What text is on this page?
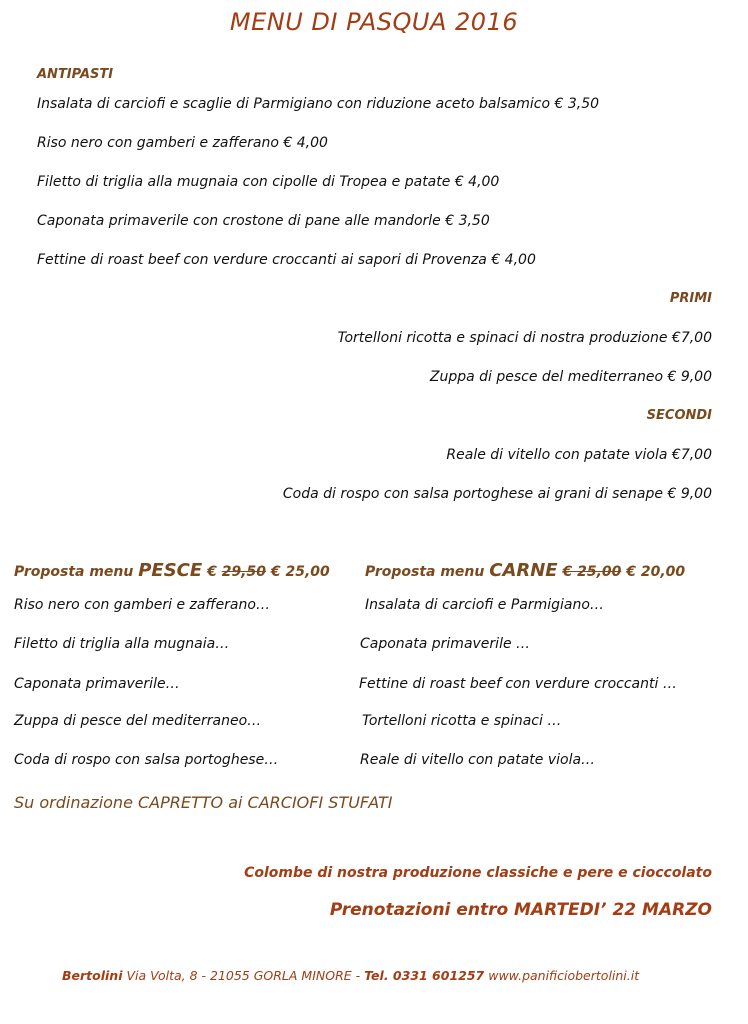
MENU DI PASQUA 2016
ANTIPASTI
Insalata di carciofi e scaglie di Parmigiano con riduzione aceto balsamico € 3,50
Riso nero con gamberi e zafferano € 4,00
Filetto di triglia alla mugnaia con cipolle di Tropea e patate € 4,00
Caponata primaverile con crostone di pane alle mandorle € 3,50
Fettine di roast beef con verdure croccanti ai sapori di Provenza € 4,00
PRIMI
Tortelloni ricotta e spinaci di nostra produzione €7,00
Zuppa di pesce del mediterraneo € 9,00
SECONDI
Reale di vitello con patate viola €7,00
Coda di rospo con salsa portoghese ai grani di senape € 9,00
Proposta menu PESCE € 29,50 € 25,00	Proposta menu CARNE € 25,00 € 20,00
Riso nero con gamberi e zafferano…
Filetto di triglia alla mugnaia…
Caponata primaverile…
Zuppa di pesce del mediterraneo…
Coda di rospo con salsa portoghese…
Insalata di carciofi e Parmigiano…
Caponata primaverile …
Fettine di roast beef con verdure croccanti …
Tortelloni ricotta e spinaci …
Reale di vitello con patate viola…
Su ordinazione CAPRETTO ai CARCIOFI STUFATI
Colombe di nostra produzione classiche e pere e cioccolato
Prenotazioni entro MARTEDI’ 22 MARZO
Bertolini Via Volta, 8 - 21055 GORLA MINORE - Tel. 0331 601257 www.panificiobertolini.it
